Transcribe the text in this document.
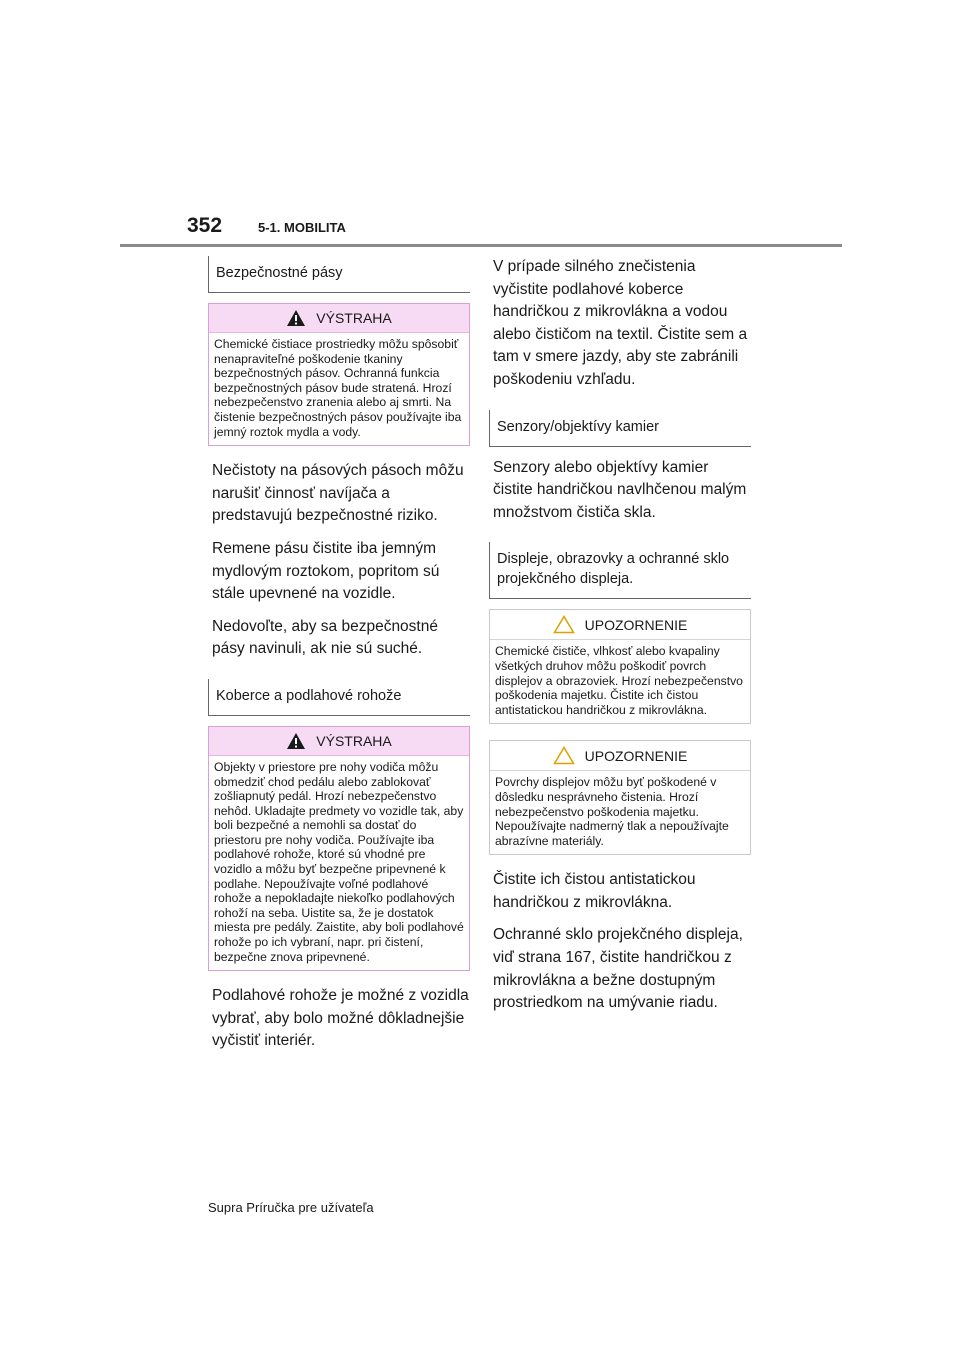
352	5-1. MOBILITA
Bezpečnostné pásy
VÝSTRAHA
Chemické čistiace prostriedky môžu spôsobiť nenapraviteľné poškodenie tkaniny bezpečnostných pásov. Ochranná funkcia bezpečnostných pásov bude stratená. Hrozí nebezpečenstvo zranenia alebo aj smrti. Na čistenie bezpečnostných pásov používajte iba jemný roztok mydla a vody.

Nečistoty na pásových pásoch môžu narušiť činnosť navíjača a predstavujú bezpečnostné riziko.

Remene pásu čistite iba jemným mydlovým roztokom, popritom sú stále upevnené na vozidle.

Nedovoľte, aby sa bezpečnostné pásy navinuli, ak nie sú suché.

Koberce a podlahové rohože
VÝSTRAHA
Objekty v priestore pre nohy vodiča môžu obmedziť chod pedálu alebo zablokovať zošliapnutý pedál. Hrozí nebezpečenstvo nehôd. Ukladajte predmety vo vozidle tak, aby boli bezpečné a nemohli sa dostať do priestoru pre nohy vodiča. Používajte iba podlahové rohože, ktoré sú vhodné pre vozidlo a môžu byť bezpečne pripevnené k podlahe. Nepoužívajte voľné podlahové rohože a nepokladajte niekoľko podlahových rohoží na seba. Uistite sa, že je dostatok miesta pre pedály. Zaistite, aby boli podlahové rohože po ich vybraní, napr. pri čistení, bezpečne znova pripevnené.

Podlahové rohože je možné z vozidla vybrať, aby bolo možné dôkladnejšie vyčistiť interiér.

V prípade silného znečistenia vyčistite podlahové koberce handričkou z mikrovlákna a vodou alebo čističom na textil. Čistite sem a tam v smere jazdy, aby ste zabránili poškodeniu vzhľadu.

Senzory/objektívy kamier

Senzory alebo objektívy kamier čistite handričkou navlhčenou malým množstvom čističa skla.

Displeje, obrazovky a ochranné sklo projekčného displeja.
UPOZORNENIE
Chemické čističe, vlhkosť alebo kvapaliny všetkých druhov môžu poškodiť povrch displejov a obrazoviek. Hrozí nebezpečenstvo poškodenia majetku. Čistite ich čistou antistatickou handričkou z mikrovlákna.
UPOZORNENIE
Povrchy displejov môžu byť poškodené v dôsledku nesprávneho čistenia. Hrozí nebezpečenstvo poškodenia majetku. Nepoužívajte nadmerný tlak a nepoužívajte abrazívne materiály.

Čistite ich čistou antistatickou handričkou z mikrovlákna.

Ochranné sklo projekčného displeja, viď strana 167, čistite handričkou z mikrovlákna a bežne dostupným prostriedkom na umývanie riadu.

Supra Príručka pre užívateľa
